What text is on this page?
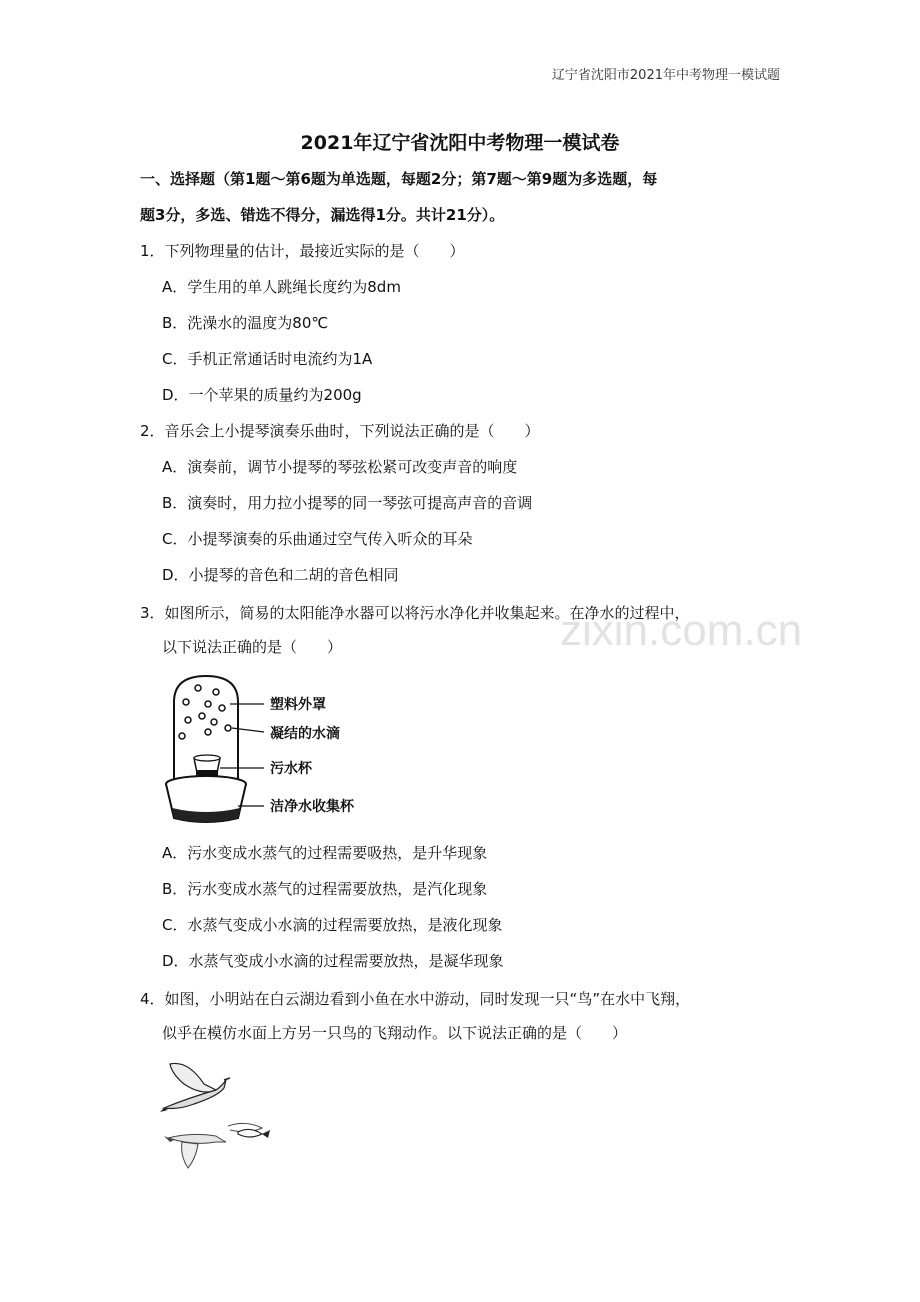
辽宁省沈阳市2021年中考物理一模试题
zixin.com.cn
2021年辽宁省沈阳中考物理一模试卷
一、选择题（第1题～第6题为单选题，每题2分；第7题～第9题为多选题，每
题3分，多选、错选不得分，漏选得1分。共计21分）。
1．下列物理量的估计，最接近实际的是（　　）
A．学生用的单人跳绳长度约为8dm
B．洗澡水的温度为80℃
C．手机正常通话时电流约为1A
D．一个苹果的质量约为200g
2．音乐会上小提琴演奏乐曲时，下列说法正确的是（　　）
A．演奏前，调节小提琴的琴弦松紧可改变声音的响度
B．演奏时，用力拉小提琴的同一琴弦可提高声音的音调
C．小提琴演奏的乐曲通过空气传入听众的耳朵
D．小提琴的音色和二胡的音色相同
3．如图所示，简易的太阳能净水器可以将污水净化并收集起来。在净水的过程中，
以下说法正确的是（　　）
塑料外罩
凝结的水滴
污水杯
洁净水收集杯
A．污水变成水蒸气的过程需要吸热，是升华现象
B．污水变成水蒸气的过程需要放热，是汽化现象
C．水蒸气变成小水滴的过程需要放热，是液化现象
D．水蒸气变成小水滴的过程需要放热，是凝华现象
4．如图，小明站在白云湖边看到小鱼在水中游动，同时发现一只“鸟”在水中飞翔，
似乎在模仿水面上方另一只鸟的飞翔动作。以下说法正确的是（　　）
